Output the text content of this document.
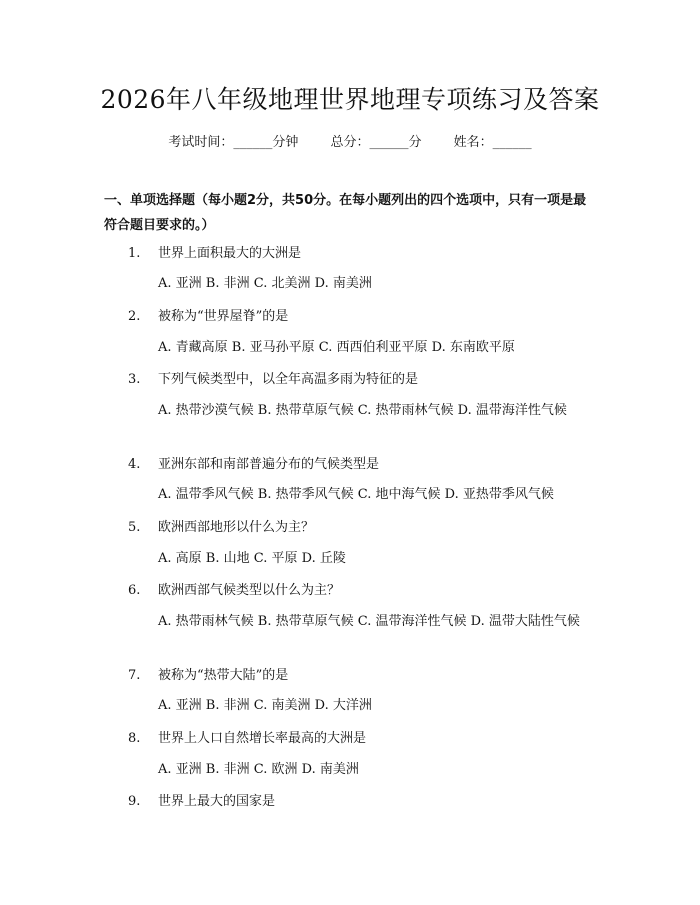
2026年八年级地理世界地理专项练习及答案
考试时间：______分钟 总分：______分 姓名：______
一、单项选择题（每小题2分，共50分。在每小题列出的四个选项中，只有一项是最符合题目要求的。）
1. 世界上面积最大的大洲是
A. 亚洲 B. 非洲 C. 北美洲 D. 南美洲
2. 被称为“世界屋脊”的是
A. 青藏高原 B. 亚马孙平原 C. 西西伯利亚平原 D. 东南欧平原
3. 下列气候类型中，以全年高温多雨为特征的是
A. 热带沙漠气候 B. 热带草原气候 C. 热带雨林气候 D. 温带海洋性气候
4. 亚洲东部和南部普遍分布的气候类型是
A. 温带季风气候 B. 热带季风气候 C. 地中海气候 D. 亚热带季风气候
5. 欧洲西部地形以什么为主？
A. 高原 B. 山地 C. 平原 D. 丘陵
6. 欧洲西部气候类型以什么为主？
A. 热带雨林气候 B. 热带草原气候 C. 温带海洋性气候 D. 温带大陆性气候
7. 被称为“热带大陆”的是
A. 亚洲 B. 非洲 C. 南美洲 D. 大洋洲
8. 世界上人口自然增长率最高的大洲是
A. 亚洲 B. 非洲 C. 欧洲 D. 南美洲
9. 世界上最大的国家是
